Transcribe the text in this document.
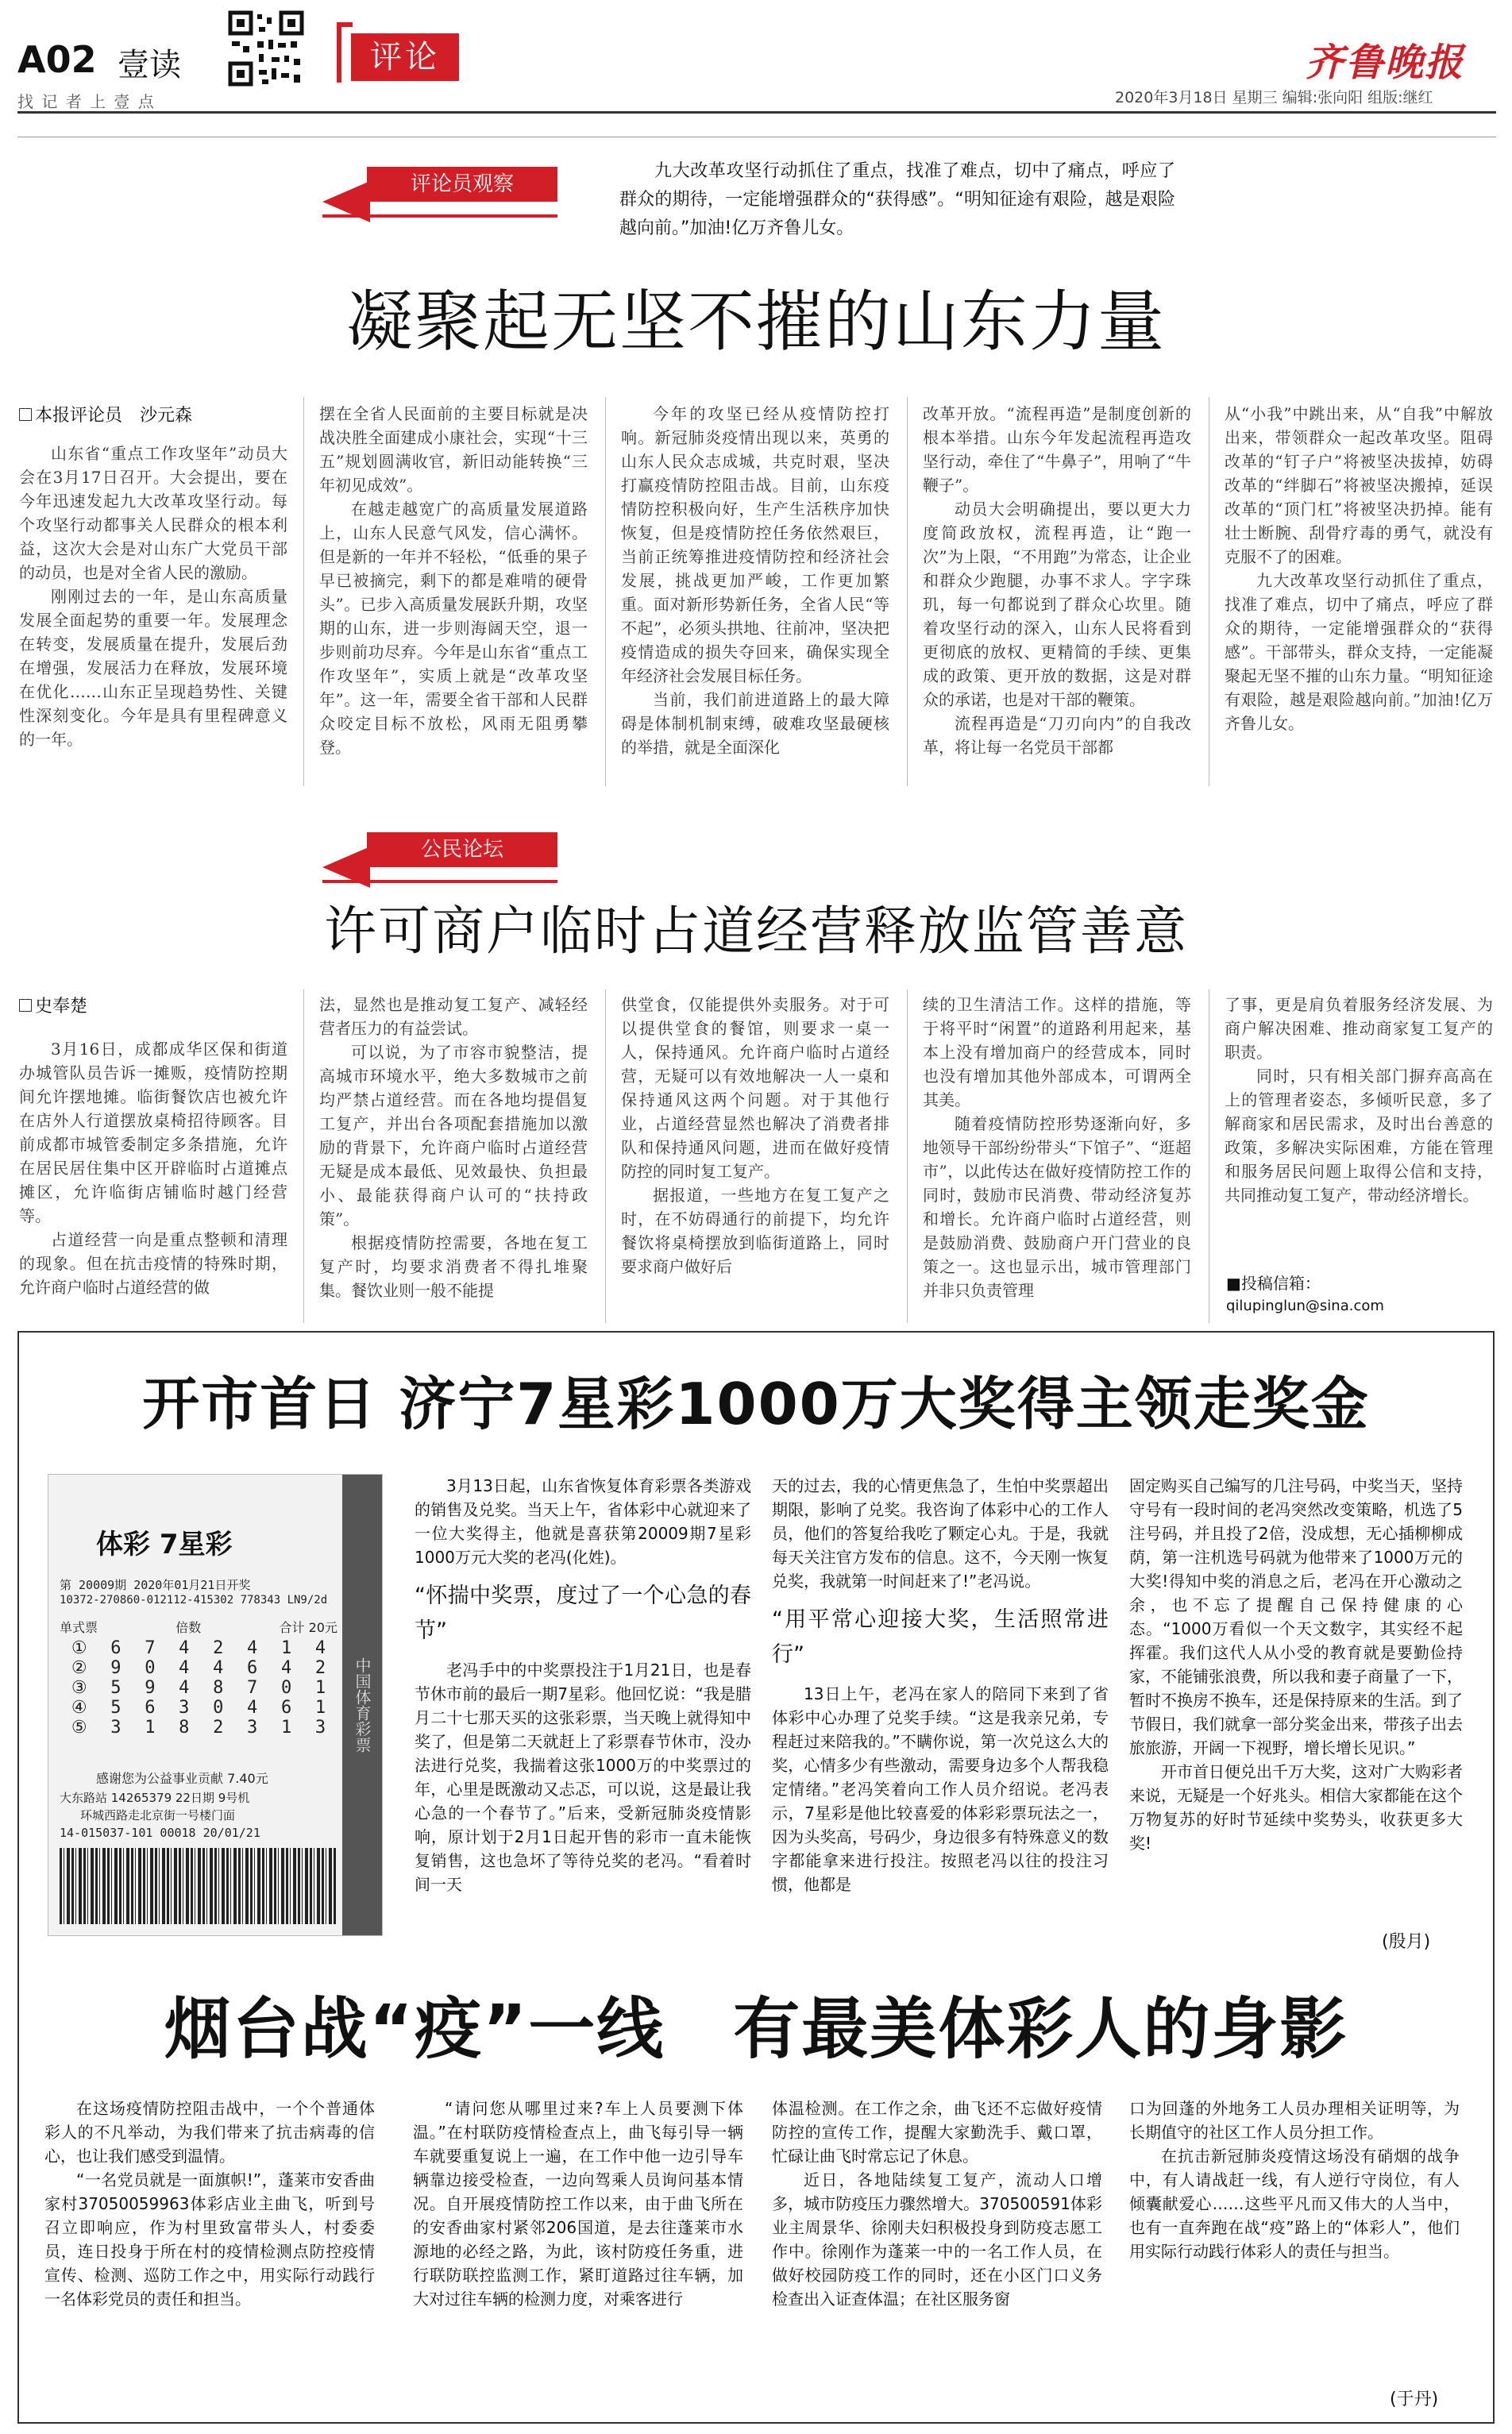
A02 壹读
找 记 者 上 壹 点
评论	齐鲁晚报
2020年3月18日 星期三 编辑:张向阳 组版:继红
评论员观察
九大改革攻坚行动抓住了重点，找准了难点，切中了痛点，呼应了群众的期待，一定能增强群众的“获得感”。“明知征途有艰险，越是艰险越向前。”加油!亿万齐鲁儿女。
凝聚起无坚不摧的山东力量
本报评论员　沙元森

山东省“重点工作攻坚年”动员大会在3月17日召开。大会提出，要在今年迅速发起九大改革攻坚行动。每个攻坚行动都事关人民群众的根本利益，这次大会是对山东广大党员干部的动员，也是对全省人民的激励。

刚刚过去的一年，是山东高质量发展全面起势的重要一年。发展理念在转变，发展质量在提升，发展后劲在增强，发展活力在释放，发展环境在优化……山东正呈现趋势性、关键性深刻变化。今年是具有里程碑意义的一年。

摆在全省人民面前的主要目标就是决战决胜全面建成小康社会，实现“十三五”规划圆满收官，新旧动能转换“三年初见成效”。

在越走越宽广的高质量发展道路上，山东人民意气风发，信心满怀。但是新的一年并不轻松，“低垂的果子早已被摘完，剩下的都是难啃的硬骨头”。已步入高质量发展跃升期，攻坚期的山东，进一步则海阔天空，退一步则前功尽弃。今年是山东省“重点工作攻坚年”，实质上就是“改革攻坚年”。这一年，需要全省干部和人民群众咬定目标不放松，风雨无阻勇攀登。

今年的攻坚已经从疫情防控打响。新冠肺炎疫情出现以来，英勇的山东人民众志成城，共克时艰，坚决打赢疫情防控阻击战。目前，山东疫情防控积极向好，生产生活秩序加快恢复，但是疫情防控任务依然艰巨，当前正统筹推进疫情防控和经济社会发展，挑战更加严峻，工作更加繁重。面对新形势新任务，全省人民“等不起”，必须头拱地、往前冲，坚决把疫情造成的损失夺回来，确保实现全年经济社会发展目标任务。

当前，我们前进道路上的最大障碍是体制机制束缚，破难攻坚最硬核的举措，就是全面深化

改革开放。“流程再造”是制度创新的根本举措。山东今年发起流程再造攻坚行动，牵住了“牛鼻子”，用响了“牛鞭子”。

动员大会明确提出，要以更大力度简政放权，流程再造，让“跑一次”为上限，“不用跑”为常态，让企业和群众少跑腿，办事不求人。字字珠玑，每一句都说到了群众心坎里。随着攻坚行动的深入，山东人民将看到更彻底的放权、更精简的手续、更集成的政策、更开放的数据，这是对群众的承诺，也是对干部的鞭策。

流程再造是“刀刃向内”的自我改革，将让每一名党员干部都

从“小我”中跳出来，从“自我”中解放出来，带领群众一起改革攻坚。阻碍改革的“钉子户”将被坚决拔掉，妨碍改革的“绊脚石”将被坚决搬掉，延误改革的“顶门杠”将被坚决扔掉。能有壮士断腕、刮骨疗毒的勇气，就没有克服不了的困难。

九大改革攻坚行动抓住了重点，找准了难点，切中了痛点，呼应了群众的期待，一定能增强群众的“获得感”。干部带头，群众支持，一定能凝聚起无坚不摧的山东力量。“明知征途有艰险，越是艰险越向前。”加油!亿万齐鲁儿女。

公民论坛
许可商户临时占道经营释放监管善意
史奉楚

3月16日，成都成华区保和街道办城管队员告诉一摊贩，疫情防控期间允许摆地摊。临街餐饮店也被允许在店外人行道摆放桌椅招待顾客。目前成都市城管委制定多条措施，允许在居民居住集中区开辟临时占道摊点摊区，允许临街店铺临时越门经营等。

占道经营一向是重点整顿和清理的现象。但在抗击疫情的特殊时期，允许商户临时占道经营的做

法，显然也是推动复工复产、减轻经营者压力的有益尝试。

可以说，为了市容市貌整洁，提高城市环境水平，绝大多数城市之前均严禁占道经营。而在各地均提倡复工复产，并出台各项配套措施加以激励的背景下，允许商户临时占道经营无疑是成本最低、见效最快、负担最小、最能获得商户认可的“扶持政策”。

根据疫情防控需要，各地在复工复产时，均要求消费者不得扎堆聚集。餐饮业则一般不能提

供堂食，仅能提供外卖服务。对于可以提供堂食的餐馆，则要求一桌一人，保持通风。允许商户临时占道经营，无疑可以有效地解决一人一桌和保持通风这两个问题。对于其他行业，占道经营显然也解决了消费者排队和保持通风问题，进而在做好疫情防控的同时复工复产。

据报道，一些地方在复工复产之时，在不妨碍通行的前提下，均允许餐饮将桌椅摆放到临街道路上，同时要求商户做好后

续的卫生清洁工作。这样的措施，等于将平时“闲置”的道路利用起来，基本上没有增加商户的经营成本，同时也没有增加其他外部成本，可谓两全其美。

随着疫情防控形势逐渐向好，多地领导干部纷纷带头“下馆子”、“逛超市”，以此传达在做好疫情防控工作的同时，鼓励市民消费、带动经济复苏和增长。允许商户临时占道经营，则是鼓励消费、鼓励商户开门营业的良策之一。这也显示出，城市管理部门并非只负责管理

了事，更是肩负着服务经济发展、为商户解决困难、推动商家复工复产的职责。

同时，只有相关部门摒弃高高在上的管理者姿态，多倾听民意，多了解商家和居民需求，及时出台善意的政策，多解决实际困难，方能在管理和服务居民问题上取得公信和支持，共同推动复工复产，带动经济增长。

■投稿信箱：
qilupinglun@sina.com
开市首日 济宁7星彩1000万大奖得主领走奖金
中国体育彩票
体彩 7星彩
第 20009期 2020年01月21日开奖
10372-270860-012112-415302 778343 LN9/2d
单式票	倍数	合计 20元
① 6 7 4 2 4 1 4
② 9 0 4 4 6 4 2
③ 5 9 4 8 7 0 1
④ 5 6 3 0 4 6 1
⑤ 3 1 8 2 3 1 3
感谢您为公益事业贡献 7.40元
大东路站 14265379 22日期 9号机
环城西路走北京街一号楼门面
14-015037-101 00018 20/01/21

3月13日起，山东省恢复体育彩票各类游戏的销售及兑奖。当天上午，省体彩中心就迎来了一位大奖得主，他就是喜获第20009期7星彩1000万元大奖的老冯(化姓)。

“怀揣中奖票，度过了一个心急的春节”

老冯手中的中奖票投注于1月21日，也是春节休市前的最后一期7星彩。他回忆说：“我是腊月二十七那天买的这张彩票，当天晚上就得知中奖了，但是第二天就赶上了彩票春节休市，没办法进行兑奖，我揣着这张1000万的中奖票过的年，心里是既激动又忐忑，可以说，这是最让我心急的一个春节了。”后来，受新冠肺炎疫情影响，原计划于2月1日起开售的彩市一直未能恢复销售，这也急坏了等待兑奖的老冯。“看着时间一天

天的过去，我的心情更焦急了，生怕中奖票超出期限，影响了兑奖。我咨询了体彩中心的工作人员，他们的答复给我吃了颗定心丸。于是，我就每天关注官方发布的信息。这不，今天刚一恢复兑奖，我就第一时间赶来了!”老冯说。

“用平常心迎接大奖，生活照常进行”

13日上午，老冯在家人的陪同下来到了省体彩中心办理了兑奖手续。“这是我亲兄弟，专程赶过来陪我的。”不瞒你说，第一次兑这么大的奖，心情多少有些激动，需要身边多个人帮我稳定情绪。”老冯笑着向工作人员介绍说。老冯表示，7星彩是他比较喜爱的体彩彩票玩法之一，因为头奖高，号码少，身边很多有特殊意义的数字都能拿来进行投注。按照老冯以往的投注习惯，他都是

固定购买自己编写的几注号码，中奖当天，坚持守号有一段时间的老冯突然改变策略，机选了5注号码，并且投了2倍，没成想，无心插柳柳成荫，第一注机选号码就为他带来了1000万元的大奖!得知中奖的消息之后，老冯在开心激动之余，也不忘了提醒自己保持健康的心态。“1000万看似一个天文数字，其实经不起挥霍。我们这代人从小受的教育就是要勤俭持家，不能铺张浪费，所以我和妻子商量了一下，暂时不换房不换车，还是保持原来的生活。到了节假日，我们就拿一部分奖金出来，带孩子出去旅旅游，开阔一下视野，增长增长见识。”

开市首日便兑出千万大奖，这对广大购彩者来说，无疑是一个好兆头。相信大家都能在这个万物复苏的好时节延续中奖势头，收获更多大奖!

(殷月)
烟台战“疫”一线　有最美体彩人的身影

在这场疫情防控阻击战中，一个个普通体彩人的不凡举动，为我们带来了抗击病毒的信心，也让我们感受到温情。

“一名党员就是一面旗帜!”，蓬莱市安香曲家村37050059963体彩店业主曲飞，听到号召立即响应，作为村里致富带头人，村委委员，连日投身于所在村的疫情检测点防控疫情宣传、检测、巡防工作之中，用实际行动践行一名体彩党员的责任和担当。

“请问您从哪里过来?车上人员要测下体温。”在村联防疫情检查点上，曲飞每引导一辆车就要重复说上一遍，在工作中他一边引导车辆靠边接受检查，一边向驾乘人员询问基本情况。自开展疫情防控工作以来，由于曲飞所在的安香曲家村紧邻206国道，是去往蓬莱市水源地的必经之路，为此，该村防疫任务重，进行联防联控监测工作，紧盯道路过往车辆，加大对过往车辆的检测力度，对乘客进行

体温检测。在工作之余，曲飞还不忘做好疫情防控的宣传工作，提醒大家勤洗手、戴口罩，忙碌让曲飞时常忘记了休息。

近日，各地陆续复工复产，流动人口增多，城市防疫压力骤然增大。370500591体彩业主周景华、徐刚夫妇积极投身到防疫志愿工作中。徐刚作为蓬莱一中的一名工作人员，在做好校园防疫工作的同时，还在小区门口义务检查出入证查体温；在社区服务窗

口为回蓬的外地务工人员办理相关证明等，为长期值守的社区工作人员分担工作。

在抗击新冠肺炎疫情这场没有硝烟的战争中，有人请战赶一线，有人逆行守岗位，有人倾囊献爱心……这些平凡而又伟大的人当中，也有一直奔跑在战“疫”路上的“体彩人”，他们用实际行动践行体彩人的责任与担当。

(于丹)
